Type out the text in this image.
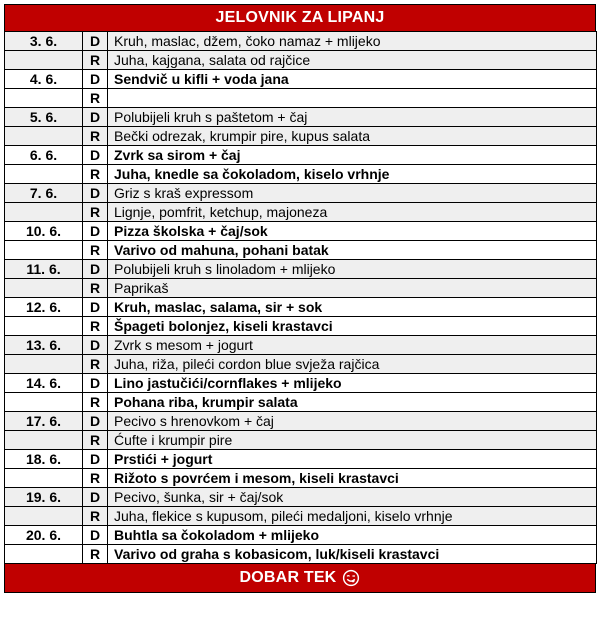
JELOVNIK ZA LIPANJ
3. 6.	D	Kruh, maslac, džem, čoko namaz + mlijeko
	R	Juha, kajgana, salata od rajčice
4. 6.	D	Sendvič u kifli + voda jana
	R	
5. 6.	D	Polubijeli kruh s paštetom + čaj
	R	Bečki odrezak, krumpir pire, kupus salata
6. 6.	D	Zvrk sa sirom + čaj
	R	Juha, knedle sa čokoladom, kiselo vrhnje
7. 6.	D	Griz s kraš expressom
	R	Lignje, pomfrit, ketchup, majoneza
10. 6.	D	Pizza školska + čaj/sok
	R	Varivo od mahuna, pohani batak
11. 6.	D	Polubijeli kruh s linoladom + mlijeko
	R	Paprikaš
12. 6.	D	Kruh, maslac, salama, sir + sok
	R	Špageti bolonjez, kiseli krastavci
13. 6.	D	Zvrk s mesom + jogurt
	R	Juha, riža, pileći cordon blue svježa rajčica
14. 6.	D	Lino jastučići/cornflakes + mlijeko
	R	Pohana riba, krumpir salata
17. 6.	D	Pecivo s hrenovkom + čaj
	R	Ćufte i krumpir pire
18. 6.	D	Prstići + jogurt
	R	Rižoto s povrćem i mesom, kiseli krastavci
19. 6.	D	Pecivo, šunka, sir + čaj/sok
	R	Juha, flekice s kupusom, pileći medaljoni, kiselo vrhnje
20. 6.	D	Buhtla sa čokoladom + mlijeko
	R	Varivo od graha s kobasicom, luk/kiseli krastavci
DOBAR TEK
